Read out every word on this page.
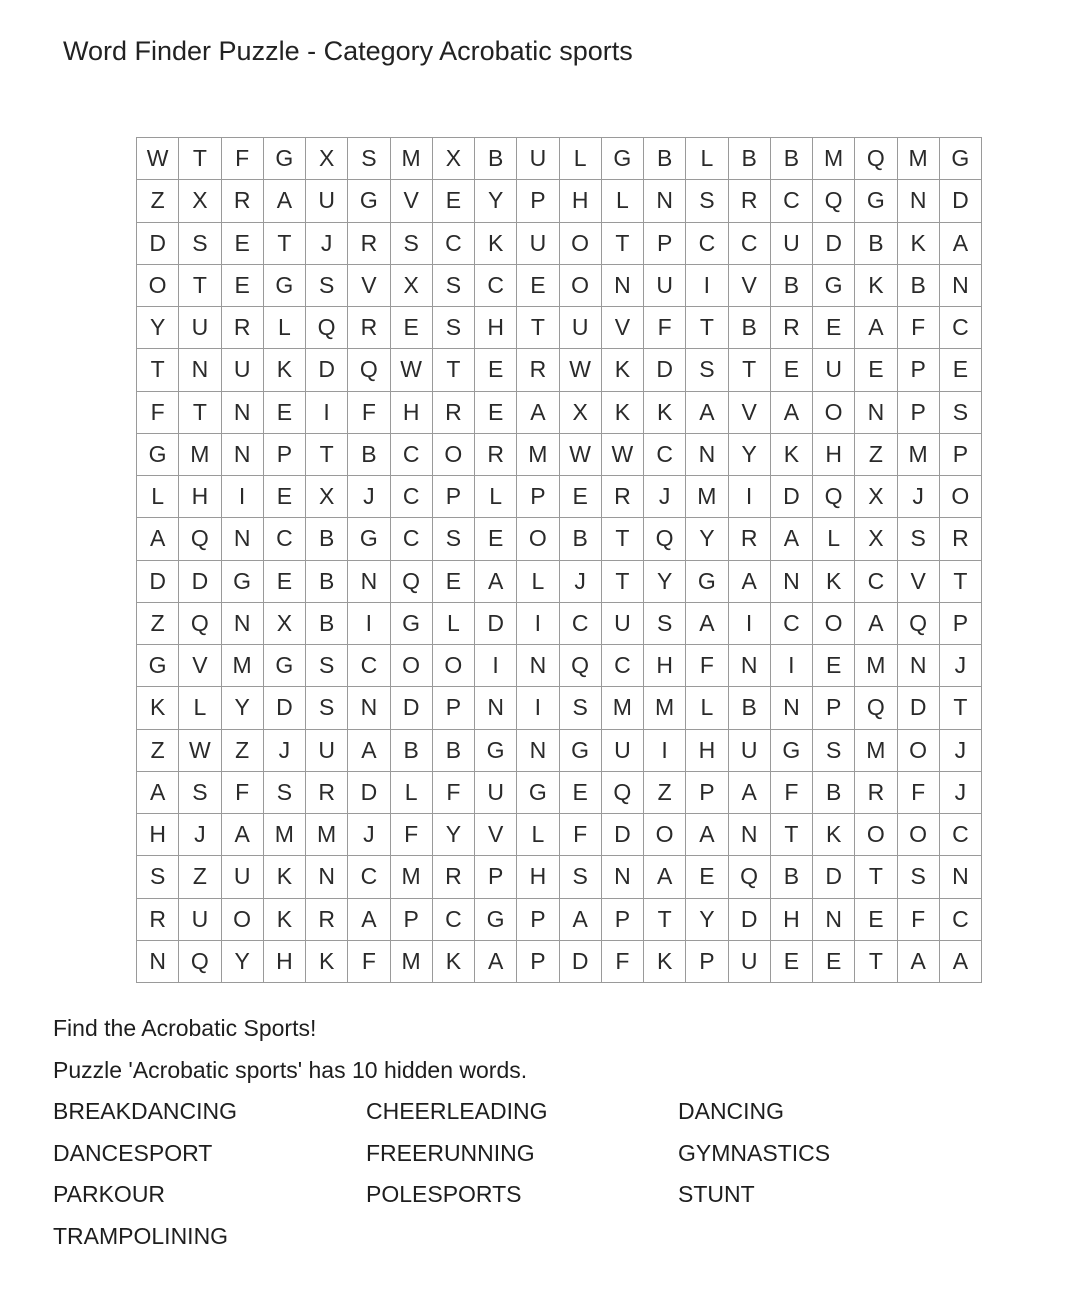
Word Finder Puzzle - Category Acrobatic sports
W	T	F	G	X	S	M	X	B	U	L	G	B	L	B	B	M	Q	M	G
Z	X	R	A	U	G	V	E	Y	P	H	L	N	S	R	C	Q	G	N	D
D	S	E	T	J	R	S	C	K	U	O	T	P	C	C	U	D	B	K	A
O	T	E	G	S	V	X	S	C	E	O	N	U	I	V	B	G	K	B	N
Y	U	R	L	Q	R	E	S	H	T	U	V	F	T	B	R	E	A	F	C
T	N	U	K	D	Q	W	T	E	R	W	K	D	S	T	E	U	E	P	E
F	T	N	E	I	F	H	R	E	A	X	K	K	A	V	A	O	N	P	S
G	M	N	P	T	B	C	O	R	M	W	W	C	N	Y	K	H	Z	M	P
L	H	I	E	X	J	C	P	L	P	E	R	J	M	I	D	Q	X	J	O
A	Q	N	C	B	G	C	S	E	O	B	T	Q	Y	R	A	L	X	S	R
D	D	G	E	B	N	Q	E	A	L	J	T	Y	G	A	N	K	C	V	T
Z	Q	N	X	B	I	G	L	D	I	C	U	S	A	I	C	O	A	Q	P
G	V	M	G	S	C	O	O	I	N	Q	C	H	F	N	I	E	M	N	J
K	L	Y	D	S	N	D	P	N	I	S	M	M	L	B	N	P	Q	D	T
Z	W	Z	J	U	A	B	B	G	N	G	U	I	H	U	G	S	M	O	J
A	S	F	S	R	D	L	F	U	G	E	Q	Z	P	A	F	B	R	F	J
H	J	A	M	M	J	F	Y	V	L	F	D	O	A	N	T	K	O	O	C
S	Z	U	K	N	C	M	R	P	H	S	N	A	E	Q	B	D	T	S	N
R	U	O	K	R	A	P	C	G	P	A	P	T	Y	D	H	N	E	F	C
N	Q	Y	H	K	F	M	K	A	P	D	F	K	P	U	E	E	T	A	A
Find the Acrobatic Sports!
Puzzle 'Acrobatic sports' has 10 hidden words.
BREAKDANCING	CHEERLEADING	DANCING
DANCESPORT	FREERUNNING	GYMNASTICS
PARKOUR	POLESPORTS	STUNT
TRAMPOLINING
